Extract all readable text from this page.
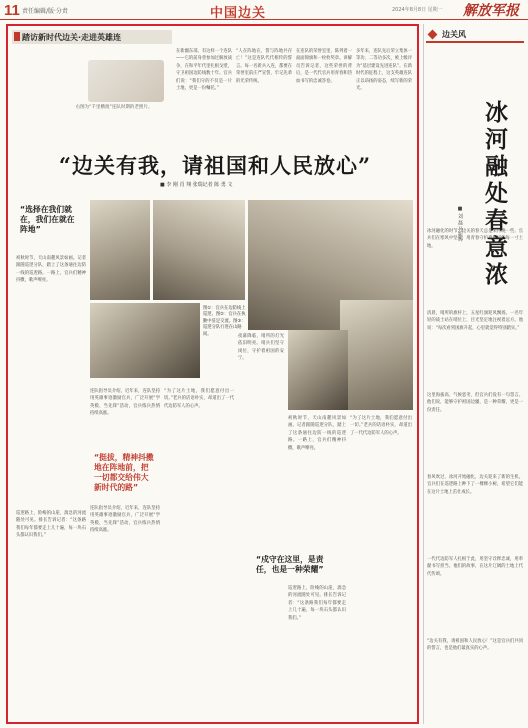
11 责任编辑/版·分责	中国边关	2024年8月8日 星期一 解放军报
踏访新时代边关·走进英雄连
右图为“千里横渡”连队时期的老照片。
在新疆东部，有这样一个连队——它的前身曾参加过解放战争，在和平年代里扎根戈壁，守卫祖国边防线数十年。官兵们说：“我们守的不仅是一片土地，更是一份嘱托。”
“人在阵地在，誓与阵地共存亡！”这是连队代代相传的誓言。每一名新兵入连，都要在荣誉室前庄严宣誓，牢记先辈的光荣传统。
在连队的荣誉室里，陈列着一面面锦旗和一枚枚奖章。讲解员告诉记者，这些荣誉的背后，是一代代官兵用青春和热血书写的忠诚答卷。
多年来，连队先后荣立集体一等功、二等功多次，被上级评为“基层建设先进连队”。在新时代的征程上，这支英雄连队正以昂扬的姿态，续写新的荣光。
“边关有我，请祖国和人民放心”
■ 李 刚 肖 翔 张瑞记者 陈 勇 文
“选择在我们就在，我们在就在阵地”
初秋时节，天山南麓风景如画。记者跟随巡逻分队，踏上了这条通往边防一线的巡逻路。一路上，官兵们精神抖擞，歌声嘹亮。
巡逻路上，险峻的山崖、湍急的河流随处可见。排长告诉记者：“这条路我们每年都要走上几十遍，每一块石头都认识我们。”
图①：官兵在边防线上巡逻。图②：官兵在执勤中驻足交流。图③：巡逻分队行进在山路间。
“挺拔，精神抖擞地在阵地前，把一切都交给伟大新时代的路”
连队指导员介绍，近年来，连队坚持用英雄事迹激励官兵，广泛开展“学英模、当先锋”活动，官兵练兵热情持续高涨。
连队指导员介绍，近年来，连队坚持用英雄事迹激励官兵，广泛开展“学英模、当先锋”活动，官兵练兵热情持续高涨。
“为了这片土地，我们愿意付出一切。”老兵的话语朴实，却道出了一代代边防军人的心声。
夜幕降临，哨所的灯光依旧明亮。哨兵们坚守岗位，守护着祖国的安宁。
“戍守在这里，是责任，也是一种荣耀”
初秋时节，天山南麓风景如画。记者跟随巡逻分队，踏上了这条通往边防一线的巡逻路。一路上，官兵们精神抖擞，歌声嘹亮。
巡逻路上，险峻的山崖、湍急的河流随处可见。排长告诉记者：“这条路我们每年都要走上几十遍，每一块石头都认识我们。”
“为了这片土地，我们愿意付出一切。”老兵的话语朴实，却道出了一代代边防军人的心声。
边关风
冰河融处春意浓
■ 刘 磊 孙振辉
冰河融化的时节，边关的春天总是来得晚一些。官兵们在寒风中坚守，用青春守护着祖国的每一寸土地。
清晨，哨所的旗杆上，五星红旗迎风飘扬。一名年轻的战士站在哨位上，目光坚定地注视着远方。他说：“每次看到国旗升起，心里就觉得特别踏实。”
这里海拔高、气候恶劣，但官兵们没有一句怨言。他们说，能够守护祖国边疆，是一种荣耀，更是一份责任。
春风吹过，冰河开始融化，边关迎来了新的生机。官兵们在巡逻路上种下了一棵棵小树，希望它们能在这片土地上茁壮成长。
一代代边防军人扎根于此，用坚守诠释忠诚，用奉献书写担当。他们的故事，在这片辽阔的土地上代代传颂。
“边关有我，请祖国和人民放心！”这是官兵们共同的誓言，也是他们最真实的心声。
